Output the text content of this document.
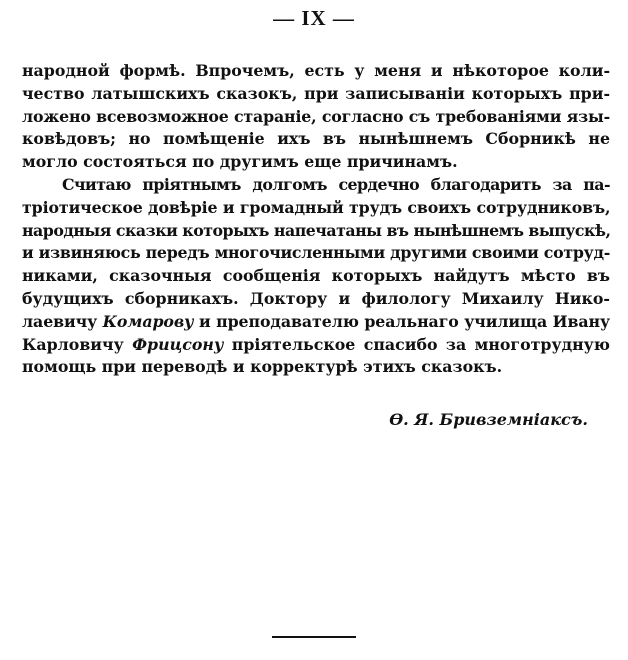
— IX —
народной формѣ. Впрочемъ, есть у меня и нѣкоторое коли-
чество латышскихъ сказокъ, при записываніи которыхъ при-
ложено всевозможное стараніе, согласно съ требованіями язы-
ковѣдовъ; но помѣщеніе ихъ въ нынѣшнемъ Сборникѣ не
могло состояться по другимъ еще причинамъ.
Считаю пріятнымъ долгомъ сердечно благодарить за па-
тріотическое довѣріе и громадный трудъ своихъ сотрудниковъ,
народныя сказки которыхъ напечатаны въ нынѣшнемъ выпускѣ,
и извиняюсь передъ многочисленными другими своими сотруд-
никами, сказочныя сообщенія которыхъ найдутъ мѣсто въ
будущихъ сборникахъ. Доктору и филологу Михаилу Нико-
лаевичу Комарову и преподавателю реальнаго училища Ивану
Карловичу Фрицсону пріятельское спасибо за многотрудную
помощь при переводѣ и корректурѣ этихъ сказокъ.
Ѳ. Я. Бривземніаксъ.
